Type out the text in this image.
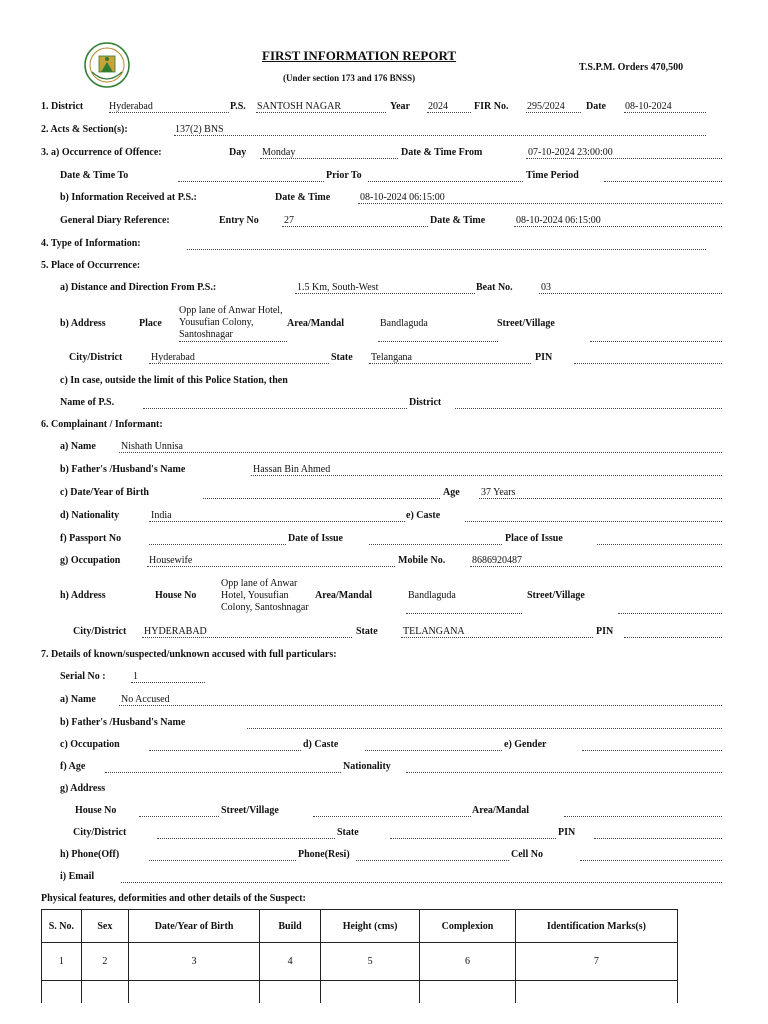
FIRST INFORMATION REPORT
(Under section 173 and 176 BNSS)
T.S.P.M. Orders 470,500
1. District	Hyderabad	P.S. SANTOSH NAGAR	Year 2024	FIR No. 295/2024 Date 08-10-2024
2. Acts & Section(s):	137(2) BNS
3. a) Occurrence of Offence:	Day Monday	Date & Time From	07-10-2024 23:00:00
Date & Time To	Prior To	Time Period
b) Information Received at P.S.:	Date & Time	08-10-2024 06:15:00
General Diary Reference:	Entry No	27	Date & Time	08-10-2024 06:15:00
4. Type of Information:
5. Place of Occurrence:
a) Distance and Direction From P.S.:	1.5 Km, South-West	Beat No.	03
b) Address	Place
Opp lane of Anwar Hotel, Yousufian Colony, Santoshnagar
Area/Mandal	Bandlaguda	Street/Village
City/District	Hyderabad	State Telangana	PIN
c) In case, outside the limit of this Police Station, then
Name of P.S.	District
6. Complainant / Informant:
a) Name	Nishath Unnisa
b) Father's /Husband's Name	Hassan Bin Ahmed
c) Date/Year of Birth	Age 37 Years
d) Nationality	India	e) Caste
f) Passport No	Date of Issue	Place of Issue
g) Occupation	Housewife	Mobile No.	8686920487
h) Address	House No
Opp lane of Anwar Hotel, Yousufian Colony, Santoshnagar
Area/Mandal	Bandlaguda	Street/Village
City/District HYDERABAD	State	TELANGANA	PIN
7. Details of known/suspected/unknown accused with full particulars:
Serial No :	1
a) Name	No Accused
b) Father's /Husband's Name
c) Occupation	d) Caste	e) Gender
f) Age	Nationality
g) Address
House No	Street/Village	Area/Mandal
City/District	State	PIN
h) Phone(Off)	Phone(Resi)	Cell No
i) Email
Physical features, deformities and other details of the Suspect:
S. No.	Sex	Date/Year of Birth	Build	Height (cms)	Complexion	Identification Marks(s)
1	2	3	4	5	6	7
